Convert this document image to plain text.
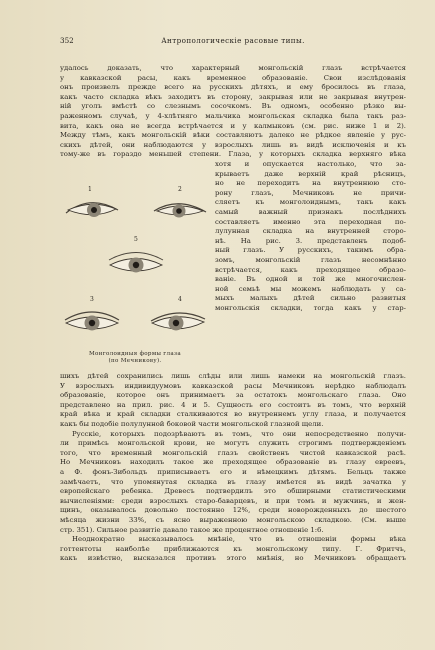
352	Антропологическіе расовые типы.
удалось доказать, что характерный монгольскій глазъ встрѣчается
у кавказской расы, какъ временное образованіе. Свои изслѣдованія
онъ произвелъ прежде всего на русскихъ дѣтяхъ, и ему бросилось въ глаза,
какъ часто складка вѣкъ заходитъ въ сторону, закрывая или не закрывая внутрен-
ній уголъ вмѣстѣ со слезнымъ сосочкомъ. Въ одномъ, особенно рѣзко вы-
раженномъ случаѣ, у 4-хлѣтняго мальчика монгольская складка была такъ раз-
вита, какъ она не всегда встрѣчается и у калмыковъ (см. рис. ниже 1 и 2).
Между тѣмъ, какъ монгольскій вѣки составляютъ далеко не рѣдкое явленіе у рус-
скихъ дѣтей, они наблюдаются у взрослыхъ лишь въ видѣ исключенія и къ
тому-же въ гораздо меньшей степени. Глаза, у которыхъ складка верхняго вѣка
хотя и опускается настолько, что за-
крываетъ даже верхній край рѣсницъ,
но не переходитъ на внутреннюю сто-
рону глазъ, Мечниковъ не причи-
сляетъ къ монголоиднымъ, такъ какъ
самый важный признакъ послѣднихъ
составляетъ именно эта переходная по-
лулунная складка на внутренней сторо-
нѣ. На рис. 3. представленъ подоб-
ный глазъ. У русскихъ, такимъ обра-
зомъ, монгольскій глазъ несомнѣнно
встрѣчается, какъ преходящее образо-
ваніе. Въ одной и той же многочислен-
ной семьѣ мы можемъ наблюдать у са-
мыхъ малыхъ дѣтей сильно развитыя
монгольскія складки, тогда какъ у стар-
шихъ дѣтей сохранились лишь слѣды или лишь намеки на монгольскій глазъ.
У взрослыхъ индивидуумовъ кавказской расы Мечниковъ нерѣдко наблюдалъ
образованіе, которое онъ принимаетъ за остатокъ монгольскаго глаза. Оно
представлено на прил. рис. 4 и 5. Сущность его состоитъ въ томъ, что верхній
край вѣка и край складки сталкиваются во внутреннемъ углу глаза, и получается
какъ бы подобіе полулунной боковой части монгольской глазной щели.
Русскіе, которыхъ подозрѣваютъ въ томъ, что они непосредственно получи-
ли примѣсь монгольской крови, не могутъ служить строгимъ подтвержденіемъ
того, что временный монгольскій глазъ свойственъ чистой кавказской расѣ.
Но Мечниковъ находилъ такое же преходящее образованіе въ глазу евреевъ,
а Ф. фонъ-Зибольдъ приписываетъ его и нѣмецкимъ дѣтямъ. Бельцъ также
замѣчаетъ, что упомянутая складка въ глазу имѣется въ видѣ зачатка у
европейскаго ребенка. Древесъ подтвердилъ это обширными статистическими
вычисленіями: среди взрослыхъ старо-баварцевъ, и при томъ и мужчинъ, и жен-
щинъ, оказывалось довольно постоянно 12%, среди новорожденныхъ до шестого
мѣсяца жизни 33%, съ ясно выраженною монгольскою складкою. (См. выше
стр. 351). Сильное развитіе давало такое же процентное отношеніе 1:6.
Неоднократно высказывалось мнѣніе, что въ отношеніи формы вѣка
готтентоты наиболѣе приближаются къ монгольскому типу. Г. Фритчъ,
какъ извѣстно, высказался противъ этого мнѣнія, но Мечниковъ обращаетъ
1	2
5
3	4
Монголоидныя формы глаза
(по Мечникову).
